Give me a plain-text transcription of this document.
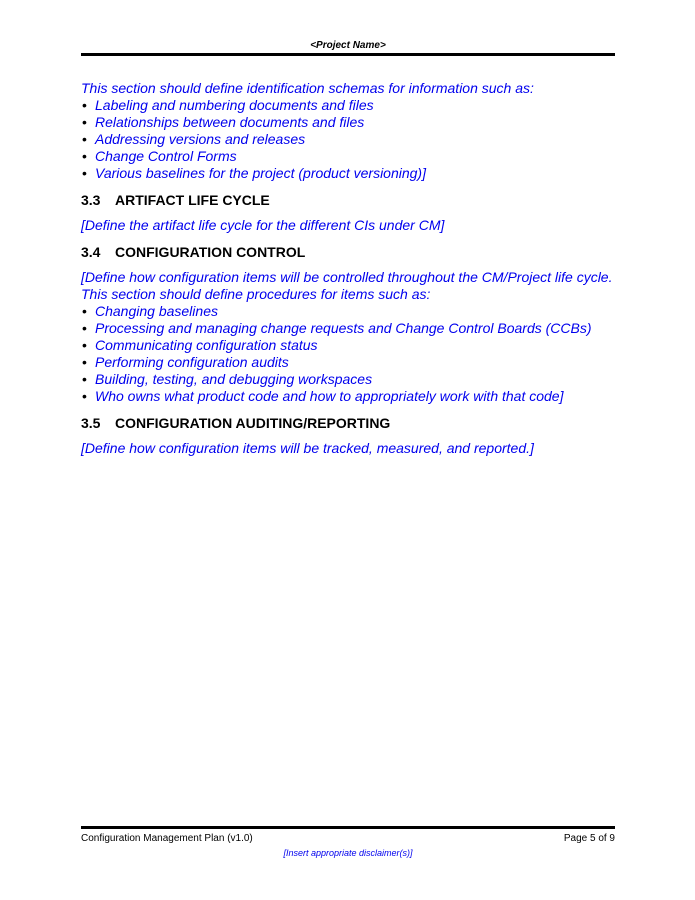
<Project Name>

This section should define identification schemas for information such as:

• Labeling and numbering documents and files
• Relationships between documents and files
• Addressing versions and releases
• Change Control Forms
• Various baselines for the project (product versioning)]
3.3 ARTIFACT LIFE CYCLE

[Define the artifact life cycle for the different CIs under CM]

3.4 CONFIGURATION CONTROL

[Define how configuration items will be controlled throughout the CM/Project life cycle.

This section should define procedures for items such as:

• Changing baselines
• Processing and managing change requests and Change Control Boards (CCBs)
• Communicating configuration status
• Performing configuration audits
• Building, testing, and debugging workspaces
• Who owns what product code and how to appropriately work with that code]
3.5 CONFIGURATION AUDITING/REPORTING

[Define how configuration items will be tracked, measured, and reported.]

Configuration Management Plan (v1.0)	Page 5 of 9
[Insert appropriate disclaimer(s)]
